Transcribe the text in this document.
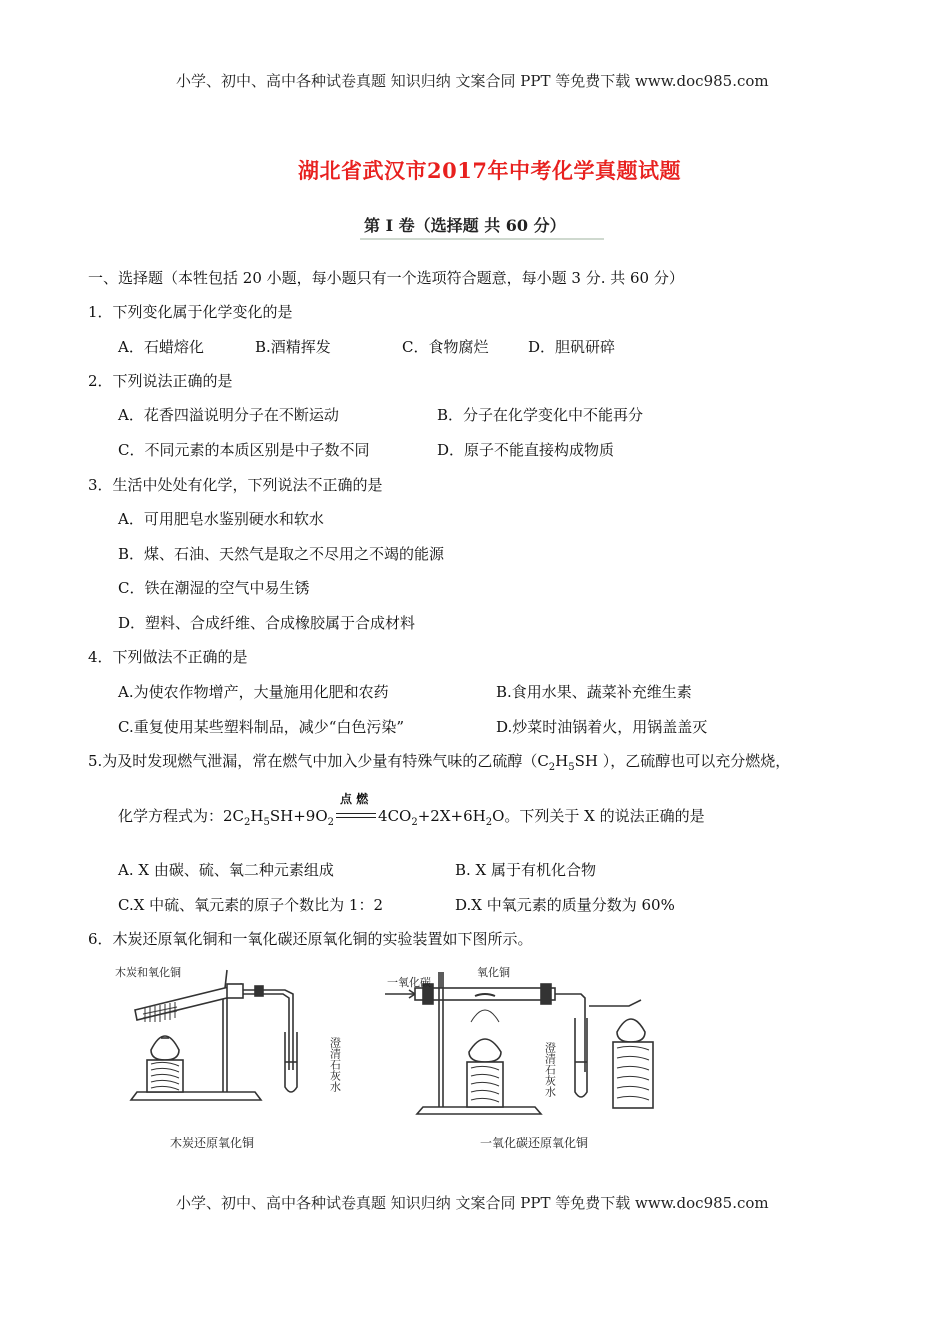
小学、初中、高中各种试卷真题 知识归纳 文案合同 PPT 等免费下载 www.doc985.com
湖北省武汉市2017年中考化学真题试题
第 I 卷（选择题 共 60 分）
一、选择题（本牲包括 20 小题，每小题只有一个选项符合题意，每小题 3 分. 共 60 分）
1．下列变化属于化学变化的是
A．石蜡熔化	B.酒精挥发	C．食物腐烂	D．胆矾研碎
2．下列说法正确的是
A．花香四溢说明分子在不断运动	B．分子在化学变化中不能再分
C．不同元素的本质区别是中子数不同	D．原子不能直接构成物质
3．生活中处处有化学，下列说法不正确的是
A．可用肥皂水鉴别硬水和软水
B．煤、石油、天然气是取之不尽用之不竭的能源
C．铁在潮湿的空气中易生锈
D．塑料、合成纤维、合成橡胶属于合成材料
4．下列做法不正确的是
A.为使农作物增产，大量施用化肥和农药	B.食用水果、蔬菜补充维生素
C.重复使用某些塑料制品，减少“白色污染”	D.炒菜时油锅着火，用锅盖盖灭
5.为及时发现燃气泄漏，常在燃气中加入少量有特殊气味的乙硫醇（$C_2H_5SH$ ），乙硫醇也可以充分燃烧，
化学方程式为：$2C_2H_5SH+9O_2$
点 燃
$4CO_2+2X+6H_2O$。下列关于 X 的说法正确的是
A. X 由碳、硫、氧二种元素组成	B. X 属于有机化合物
C.X 中硫、氧元素的原子个数比为 1：2	D.X 中氧元素的质量分数为 60%
6．木炭还原氧化铜和一氧化碳还原氧化铜的实验装置如下图所示。
木炭和氧化铜
澄清石灰水
木炭还原氧化铜
一氧化碳
氧化铜
澄清石灰水
一氧化碳还原氧化铜
小学、初中、高中各种试卷真题 知识归纳 文案合同 PPT 等免费下载 www.doc985.com
